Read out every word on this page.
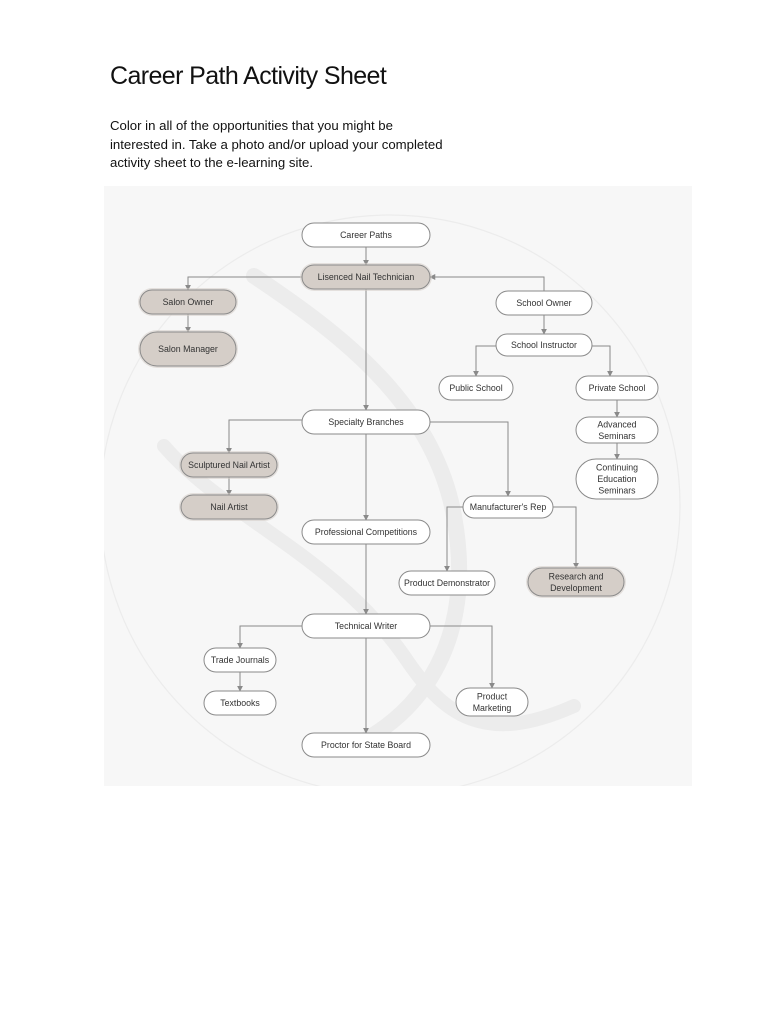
Career Path Activity Sheet

Color in all of the opportunities that you might be interested in. Take a photo and/or upload your completed activity sheet to the e-learning site.

Career Paths
Lisenced Nail Technician
Salon Owner
Salon Manager
School Owner
School Instructor
Public School	Private School
Advanced
Seminars
Continuing
Education
Seminars
Specialty Branches
Sculptured Nail Artist
Nail Artist	Manufacturer's Rep
Professional Competitions
Product Demonstrator
Research and
Development
Technical Writer
Trade Journals
Textbooks
Product
Marketing
Proctor for State Board
